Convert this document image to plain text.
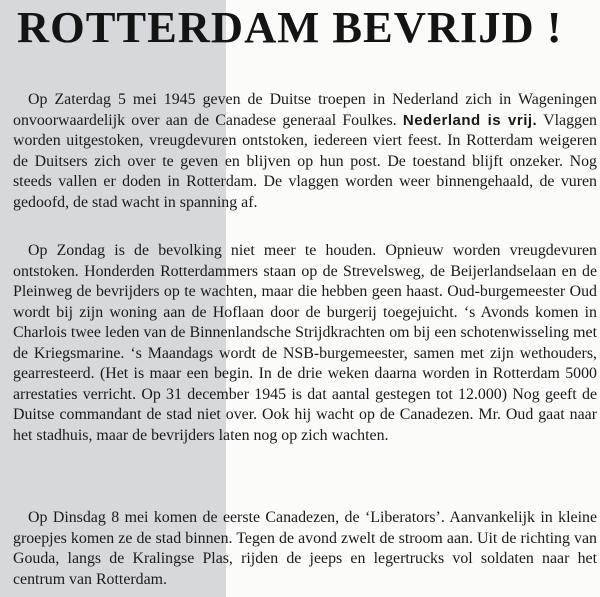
ROTTERDAM BEVRIJD !

Op Zaterdag 5 mei 1945 geven de Duitse troepen in Nederland zich in Wageningen onvoorwaardelijk over aan de Canadese generaal Foulkes. Nederland is vrij. Vlaggen worden uitgestoken, vreugdevuren ontstoken, iedereen viert feest. In Rotterdam weigeren de Duitsers zich over te geven en blijven op hun post. De toestand blijft onzeker. Nog steeds vallen er doden in Rotterdam. De vlaggen worden weer binnengehaald, de vuren gedoofd, de stad wacht in spanning af.

Op Zondag is de bevolking niet meer te houden. Opnieuw worden vreugdevuren ontstoken. Honderden Rotterdammers staan op de Strevelsweg, de Beijerlandselaan en de Pleinweg de bevrijders op te wachten, maar die hebben geen haast. Oud-burgemeester Oud wordt bij zijn woning aan de Hoflaan door de burgerij toegejuicht. ‘s Avonds komen in Charlois twee leden van de Binnenlandsche Strijdkrachten om bij een schotenwisseling met de Kriegsmarine. ‘s Maandags wordt de NSB-burgemeester, samen met zijn wethouders, gearresteerd. (Het is maar een begin. In de drie weken daarna worden in Rotterdam 5000 arrestaties verricht. Op 31 december 1945 is dat aantal gestegen tot 12.000) Nog geeft de Duitse commandant de stad niet over. Ook hij wacht op de Canadezen. Mr. Oud gaat naar het stadhuis, maar de bevrijders laten nog op zich wachten.

Op Dinsdag 8 mei komen de eerste Canadezen, de ‘Liberators’. Aanvankelijk in kleine groepjes komen ze de stad binnen. Tegen de avond zwelt de stroom aan. Uit de richting van Gouda, langs de Kralingse Plas, rijden de jeeps en legertrucks vol soldaten naar het centrum van Rotterdam.
